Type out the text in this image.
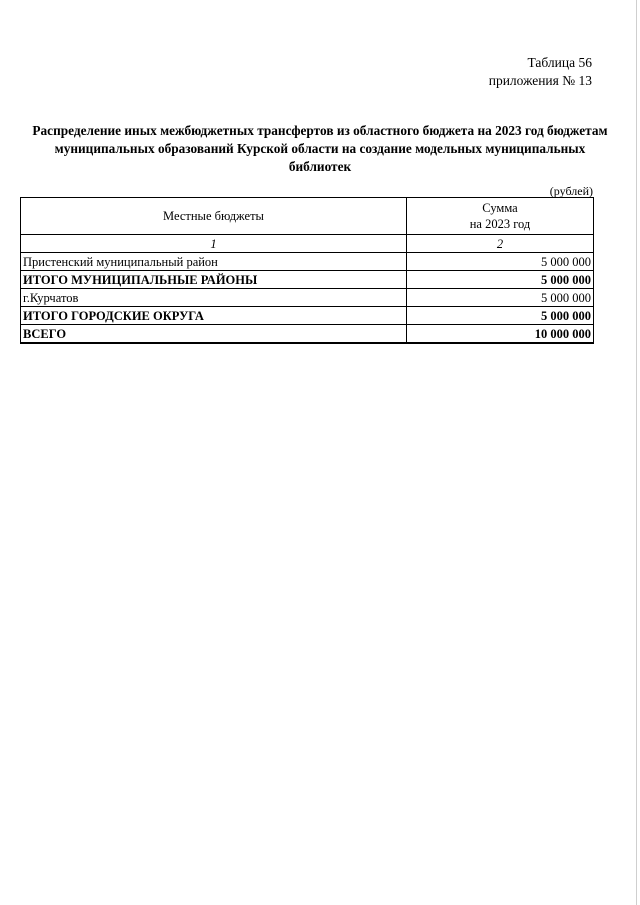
Таблица 56
приложения № 13
Распределение иных межбюджетных трансфертов из областного бюджета на 2023 год бюджетам
муниципальных образований Курской области на создание модельных муниципальных
библиотек
(рублей)
Местные бюджеты	Сумма
на 2023 год

1	2
Пристенский муниципальный район	5 000 000
ИТОГО МУНИЦИПАЛЬНЫЕ РАЙОНЫ	5 000 000
г.Курчатов	5 000 000
ИТОГО ГОРОДСКИЕ ОКРУГА	5 000 000
ВСЕГО	10 000 000
